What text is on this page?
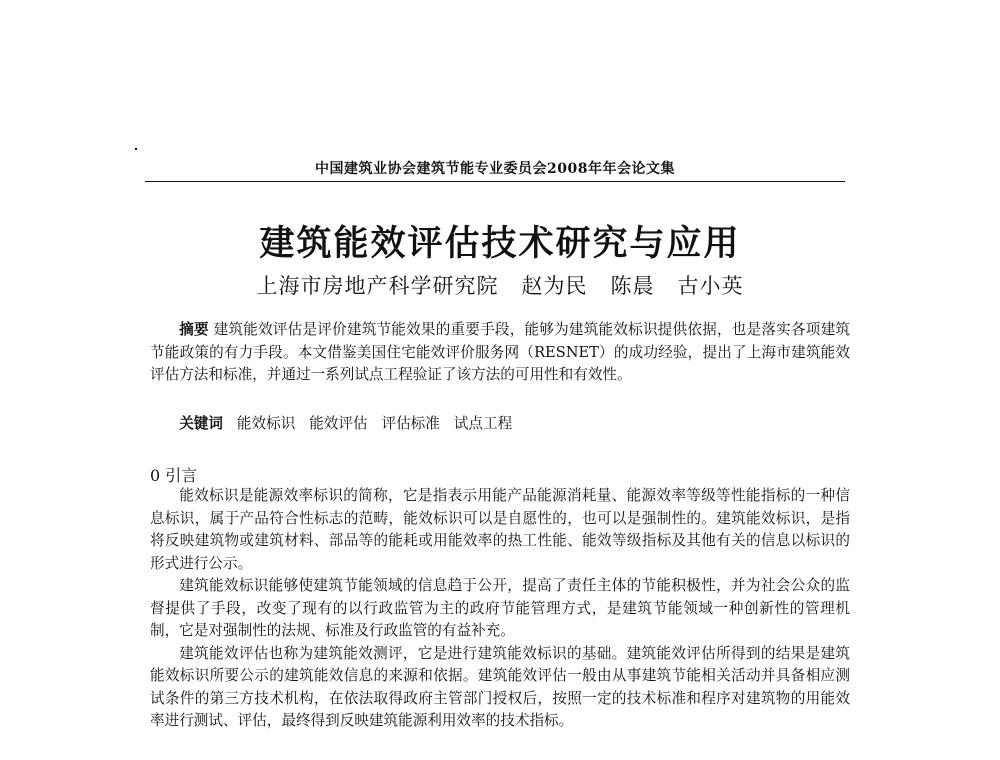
中国建筑业协会建筑节能专业委员会2008年年会论文集
建筑能效评估技术研究与应用
上海市房地产科学研究院   赵为民   陈晨   古小英
摘要 建筑能效评估是评价建筑节能效果的重要手段，能够为建筑能效标识提供依据，也是落实各项建筑节能政策的有力手段。本文借鉴美国住宅能效评价服务网（RESNET）的成功经验，提出了上海市建筑能效评估方法和标准，并通过一系列试点工程验证了该方法的可用性和有效性。
关键词 能效标识   能效评估   评估标准   试点工程
0 引言

能效标识是能源效率标识的简称，它是指表示用能产品能源消耗量、能源效率等级等性能指标的一种信息标识，属于产品符合性标志的范畴，能效标识可以是自愿性的，也可以是强制性的。建筑能效标识，是指将反映建筑物或建筑材料、部品等的能耗或用能效率的热工性能、能效等级指标及其他有关的信息以标识的形式进行公示。

建筑能效标识能够使建筑节能领域的信息趋于公开，提高了责任主体的节能积极性，并为社会公众的监督提供了手段，改变了现有的以行政监管为主的政府节能管理方式，是建筑节能领域一种创新性的管理机制，它是对强制性的法规、标准及行政监管的有益补充。

建筑能效评估也称为建筑能效测评，它是进行建筑能效标识的基础。建筑能效评估所得到的结果是建筑能效标识所要公示的建筑能效信息的来源和依据。建筑能效评估一般由从事建筑节能相关活动并具备相应测试条件的第三方技术机构，在依法取得政府主管部门授权后，按照一定的技术标准和程序对建筑物的用能效率进行测试、评估，最终得到反映建筑能源利用效率的技术指标。
